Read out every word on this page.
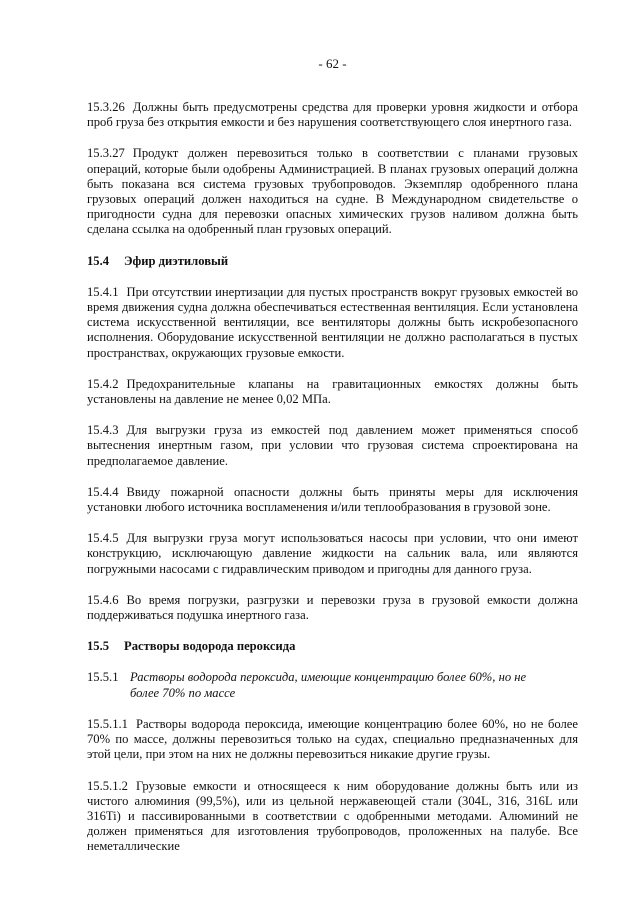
- 62 -

15.3.26 Должны быть предусмотрены средства для проверки уровня жидкости и отбора проб груза без открытия емкости и без нарушения соответствующего слоя инертного газа.

15.3.27 Продукт должен перевозиться только в соответствии с планами грузовых операций, которые были одобрены Администрацией. В планах грузовых операций должна быть показана вся система грузовых трубопроводов. Экземпляр одобренного плана грузовых операций должен находиться на судне. В Международном свидетельстве о пригодности судна для перевозки опасных химических грузов наливом должна быть сделана ссылка на одобренный план грузовых операций.

15.4 Эфир диэтиловый

15.4.1 При отсутствии инертизации для пустых пространств вокруг грузовых емкостей во время движения судна должна обеспечиваться естественная вентиляция. Если установлена система искусственной вентиляции, все вентиляторы должны быть искробезопасного исполнения. Оборудование искусственной вентиляции не должно располагаться в пустых пространствах, окружающих грузовые емкости.

15.4.2 Предохранительные клапаны на гравитационных емкостях должны быть установлены на давление не менее 0,02 МПа.

15.4.3 Для выгрузки груза из емкостей под давлением может применяться способ вытеснения инертным газом, при условии что грузовая система спроектирована на предполагаемое давление.

15.4.4 Ввиду пожарной опасности должны быть приняты меры для исключения установки любого источника воспламенения и/или теплообразования в грузовой зоне.

15.4.5 Для выгрузки груза могут использоваться насосы при условии, что они имеют конструкцию, исключающую давление жидкости на сальник вала, или являются погружными насосами с гидравлическим приводом и пригодны для данного груза.

15.4.6 Во время погрузки, разгрузки и перевозки груза в грузовой емкости должна поддерживаться подушка инертного газа.

15.5 Растворы водорода пероксида
15.5.1 Растворы водорода пероксида, имеющие концентрацию более 60%, но не более 70% по массе

15.5.1.1 Растворы водорода пероксида, имеющие концентрацию более 60%, но не более 70% по массе, должны перевозиться только на судах, специально предназначенных для этой цели, при этом на них не должны перевозиться никакие другие грузы.

15.5.1.2 Грузовые емкости и относящееся к ним оборудование должны быть или из чистого алюминия (99,5%), или из цельной нержавеющей стали (304L, 316, 316L или 316Ti) и пассивированными в соответствии с одобренными методами. Алюминий не должен применяться для изготовления трубопроводов, проложенных на палубе. Все неметаллические
